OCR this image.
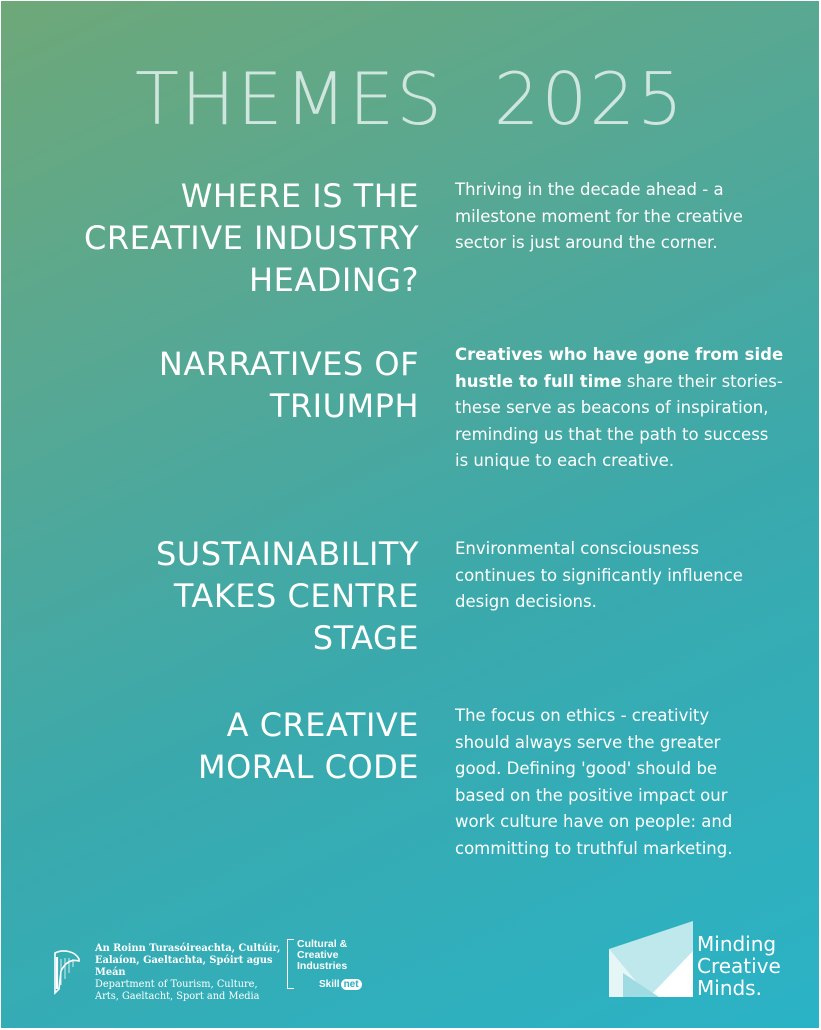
THEMES  2025
WHERE IS THE
CREATIVE INDUSTRY
HEADING?

Thriving in the decade ahead - a
milestone moment for the creative
sector is just around the corner.

NARRATIVES OF
TRIUMPH

Creatives who have gone from side
hustle to full time share their stories-
these serve as beacons of inspiration,
reminding us that the path to success
is unique to each creative.

SUSTAINABILITY
TAKES CENTRE
STAGE

Environmental consciousness
continues to significantly influence
design decisions.

A CREATIVE
MORAL CODE

The focus on ethics - creativity
should always serve the greater
good. Defining 'good' should be
based on the positive impact our
work culture have on people: and
committing to truthful marketing.

An Roinn Turasóireachta, Cultúir,
Ealaíon, Gaeltachta, Spóirt agus Meán
Department of Tourism, Culture,
Arts, Gaeltacht, Sport and Media
Cultural &
Creative
Industries
Skill net
Minding
Creative
Minds.
